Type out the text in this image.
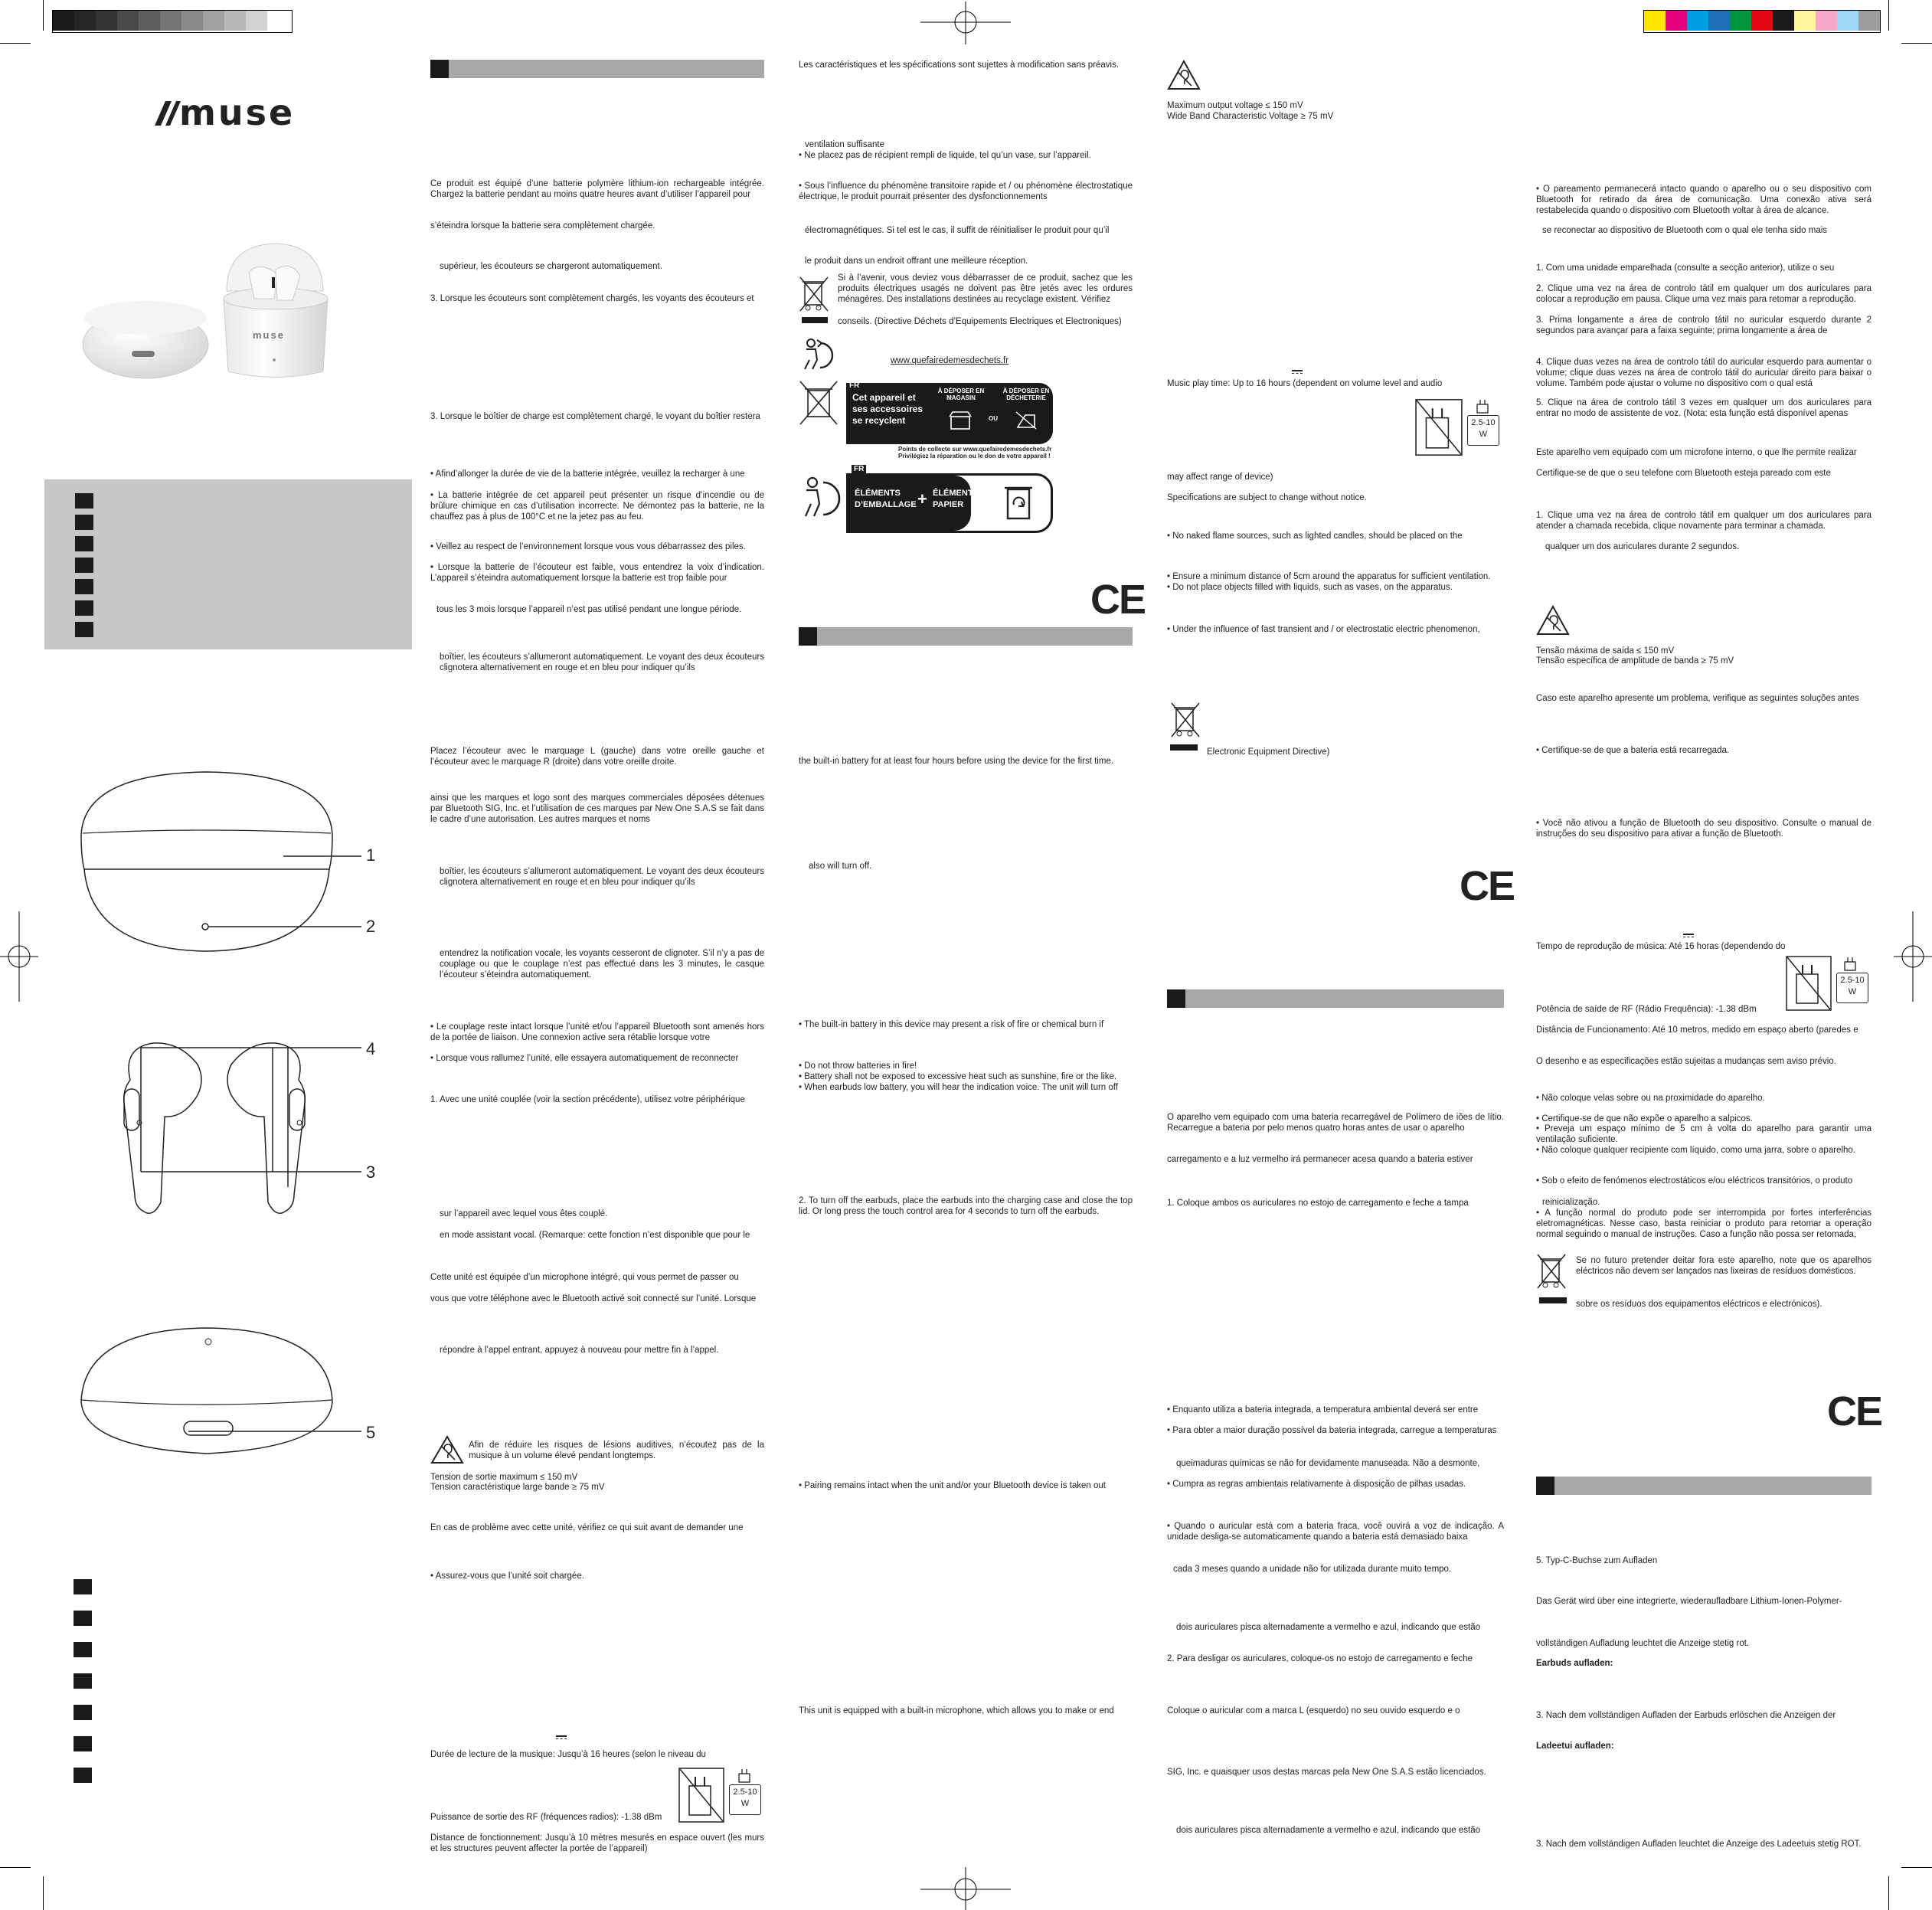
muse
muse
1
2
4
3
5
Ce produit est équipé d’une batterie polymère lithium-ion rechargeable intégrée. Chargez la batterie pendant au moins quatre heures avant d’utiliser l’appareil pour
s’éteindra lorsque la batterie sera complètement chargée.
supérieur, les écouteurs se chargeront automatiquement.
3. Lorsque les écouteurs sont complètement chargés, les voyants des écouteurs et
3. Lorsque le boîtier de charge est complètement chargé, le voyant du boîtier restera
• Afind’allonger la durée de vie de la batterie intégrée, veuillez la recharger à une
• La batterie intégrée de cet appareil peut présenter un risque d’incendie ou de brûlure chimique en cas d’utilisation incorrecte. Ne démontez pas la batterie, ne la chauffez pas à plus de 100°C et ne la jetez pas au feu.
• Veillez au respect de l’environnement lorsque vous vous débarrassez des piles.
• Lorsque la batterie de l’écouteur est faible, vous entendrez la voix d’indication. L’appareil s’éteindra automatiquement lorsque la batterie est trop faible pour
tous les 3 mois lorsque l’appareil n’est pas utilisé pendant une longue période.
boîtier, les écouteurs s’allumeront automatiquement. Le voyant des deux écouteurs clignotera alternativement en rouge et en bleu pour indiquer qu’ils
Placez l’écouteur avec le marquage L (gauche) dans votre oreille gauche et l’écouteur avec le marquage R (droite) dans votre oreille droite.
ainsi que les marques et logo sont des marques commerciales déposées détenues par Bluetooth SIG, Inc. et l’utilisation de ces marques par New One S.A.S se fait dans le cadre d’une autorisation. Les autres marques et noms
boîtier, les écouteurs s’allumeront automatiquement. Le voyant des deux écouteurs clignotera alternativement en rouge et en bleu pour indiquer qu’ils
entendrez la notification vocale, les voyants cesseront de clignoter. S’il n’y a pas de couplage ou que le couplage n’est pas effectué dans les 3 minutes, le casque l’écouteur s’éteindra automatiquement.
• Le couplage reste intact lorsque l’unité et/ou l’appareil Bluetooth sont amenés hors de la portée de liaison. Une connexion active sera rétablie lorsque votre
• Lorsque vous rallumez l’unité, elle essayera automatiquement de reconnecter
1. Avec une unité couplée (voir la section précédente), utilisez votre périphérique
sur l’appareil avec lequel vous êtes couplé.
en mode assistant vocal. (Remarque: cette fonction n’est disponible que pour le
Cette unité est équipée d’un microphone intégré, qui vous permet de passer ou
vous que votre téléphone avec le Bluetooth activé soit connecté sur l’unité. Lorsque
répondre à l’appel entrant, appuyez à nouveau pour mettre fin à l’appel.
Afin de réduire les risques de lésions auditives, n’écoutez pas de la musique à un volume élevé pendant longtemps.
Tension de sortie maximum ≤ 150 mV
Tension caractéristique large bande ≥ 75 mV
En cas de problème avec cette unité, vérifiez ce qui suit avant de demander une
• Assurez-vous que l’unité soit chargée.
Durée de lecture de la musique: Jusqu’à 16 heures (selon le niveau du
2.5-10
W
Puissance de sortie des RF (fréquences radios): -1.38 dBm
Distance de fonctionnement: Jusqu’à 10 mètres mesurés en espace ouvert (les murs et les structures peuvent affecter la portée de l’appareil)
Les caractéristiques et les spécifications sont sujettes à modification sans préavis.
ventilation suffisante
• Ne placez pas de récipient rempli de liquide, tel qu’un vase, sur l’appareil.
• Sous l’influence du phénomène transitoire rapide et / ou phénomène électrostatique électrique, le produit pourrait présenter des dysfonctionnements
électromagnétiques. Si tel est le cas, il suffit de réinitialiser le produit pour qu’il
le produit dans un endroit offrant une meilleure réception.
Si à l’avenir, vous deviez vous débarrasser de ce produit, sachez que les produits électriques usagés ne doivent pas être jetés avec les ordures ménagères. Des installations destinées au recyclage existent. Vérifiez
conseils. (Directive Déchets d’Equipements Electriques et Electroniques)
www.quefairedemesdechets.fr
FR
Cet appareil et ses accessoires se recyclent
À DÉPOSER EN MAGASIN
OU
À DÉPOSER EN DÉCHETERIE
Points de collecte sur www.quefairedemesdechets.fr
Privilégiez la réparation ou le don de votre appareil !
FR
ÉLÉMENTS D’EMBALLAGE + ÉLÉMENTS PAPIER
CE
the built-in battery for at least four hours before using the device for the first time.
also will turn off.
• The built-in battery in this device may present a risk of fire or chemical burn if
• Do not throw batteries in fire!
• Battery shall not be exposed to excessive heat such as sunshine, fire or the like.
• When earbuds low battery, you will hear the indication voice. The unit will turn off
2. To turn off the earbuds, place the earbuds into the charging case and close the top lid. Or long press the touch control area for 4 seconds to turn off the earbuds.
• Pairing remains intact when the unit and/or your Bluetooth device is taken out
This unit is equipped with a built-in microphone, which allows you to make or end
Maximum output voltage ≤ 150 mV
Wide Band Characteristic Voltage ≥ 75 mV
Music play time: Up to 16 hours (dependent on volume level and audio
2.5-10
W
may affect range of device)
Specifications are subject to change without notice.
• No naked flame sources, such as lighted candles, should be placed on the
• Ensure a minimum distance of 5cm around the apparatus for sufficient ventilation.
• Do not place objects filled with liquids, such as vases, on the apparatus.
• Under the influence of fast transient and / or electrostatic electric phenomenon,
Electronic Equipment Directive)
CE
O aparelho vem equipado com uma bateria recarregável de Polímero de iões de lítio. Recarregue a bateria por pelo menos quatro horas antes de usar o aparelho
carregamento e a luz vermelho irá permanecer acesa quando a bateria estiver
1. Coloque ambos os auriculares no estojo de carregamento e feche a tampa
• Enquanto utiliza a bateria integrada, a temperatura ambiental deverá ser entre
• Para obter a maior duração possível da bateria integrada, carregue a temperaturas
queimaduras químicas se não for devidamente manuseada. Não a desmonte,
• Cumpra as regras ambientais relativamente à disposição de pilhas usadas.
• Quando o auricular está com a bateria fraca, você ouvirá a voz de indicação. A unidade desliga-se automaticamente quando a bateria está demasiado baixa
cada 3 meses quando a unidade não for utilizada durante muito tempo.
dois auriculares pisca alternadamente a vermelho e azul, indicando que estão
2. Para desligar os auriculares, coloque-os no estojo de carregamento e feche
Coloque o auricular com a marca L (esquerdo) no seu ouvido esquerdo e o
SIG, Inc. e quaisquer usos destas marcas pela New One S.A.S estão licenciados.
dois auriculares pisca alternadamente a vermelho e azul, indicando que estão
• O pareamento permanecerá intacto quando o aparelho ou o seu dispositivo com Bluetooth for retirado da área de comunicação. Uma conexão ativa será restabelecida quando o dispositivo com Bluetooth voltar à área de alcance.
se reconectar ao dispositivo de Bluetooth com o qual ele tenha sido mais
1. Com uma unidade emparelhada (consulte a secção anterior), utilize o seu
2. Clique uma vez na área de controlo tátil em qualquer um dos auriculares para colocar a reprodução em pausa. Clique uma vez mais para retomar a reprodução.
3. Prima longamente a área de controlo tátil no auricular esquerdo durante 2 segundos para avançar para a faixa seguinte; prima longamente a área de
4. Clique duas vezes na área de controlo tátil do auricular esquerdo para aumentar o volume; clique duas vezes na área de controlo tátil do auricular direito para baixar o volume. Também pode ajustar o volume no dispositivo com o qual está
5. Clique na área de controlo tátil 3 vezes em qualquer um dos auriculares para entrar no modo de assistente de voz. (Nota: esta função está disponível apenas
Este aparelho vem equipado com um microfone interno, o que lhe permite realizar
Certifique-se de que o seu telefone com Bluetooth esteja pareado com este
1. Clique uma vez na área de controlo tátil em qualquer um dos auriculares para atender a chamada recebida, clique novamente para terminar a chamada.
qualquer um dos auriculares durante 2 segundos.
Tensão máxima de saída ≤ 150 mV
Tensão específica de amplitude de banda ≥ 75 mV
Caso este aparelho apresente um problema, verifique as seguintes soluções antes
• Certifique-se de que a bateria está recarregada.
• Você não ativou a função de Bluetooth do seu dispositivo. Consulte o manual de instruções do seu dispositivo para ativar a função de Bluetooth.
Tempo de reprodução de música: Até 16 horas (dependendo do
2.5-10
W
Potência de saíde de RF (Rádio Frequência): -1.38 dBm
Distância de Funcionamento: Até 10 metros, medido em espaço aberto (paredes e
O desenho e as especificações estão sujeitas a mudanças sem aviso prévio.
• Não coloque velas sobre ou na proximidade do aparelho.
• Certifique-se de que não expõe o aparelho a salpicos.
• Preveja um espaço mínimo de 5 cm à volta do aparelho para garantir uma ventilação suficiente.
• Não coloque qualquer recipiente com líquido, como uma jarra, sobre o aparelho.
• Sob o efeito de fenómenos electrostáticos e/ou eléctricos transitórios, o produto
reinicialização.
• A função normal do produto pode ser interrompida por fortes interferências eletromagnéticas. Nesse caso, basta reiniciar o produto para retomar a operação normal seguindo o manual de instruções. Caso a função não possa ser retomada,
Se no futuro pretender deitar fora este aparelho, note que os aparelhos eléctricos não devem ser lançados nas lixeiras de resíduos domésticos.
sobre os resíduos dos equipamentos eléctricos e electrónicos).
CE
5. Typ-C-Buchse zum Aufladen
Das Gerät wird über eine integrierte, wiederaufladbare Lithium-Ionen-Polymer-
vollständigen Aufladung leuchtet die Anzeige stetig rot.
Earbuds aufladen:
3. Nach dem vollständigen Aufladen der Earbuds erlöschen die Anzeigen der
Ladeetui aufladen:
3. Nach dem vollständigen Aufladen leuchtet die Anzeige des Ladeetuis stetig ROT.
